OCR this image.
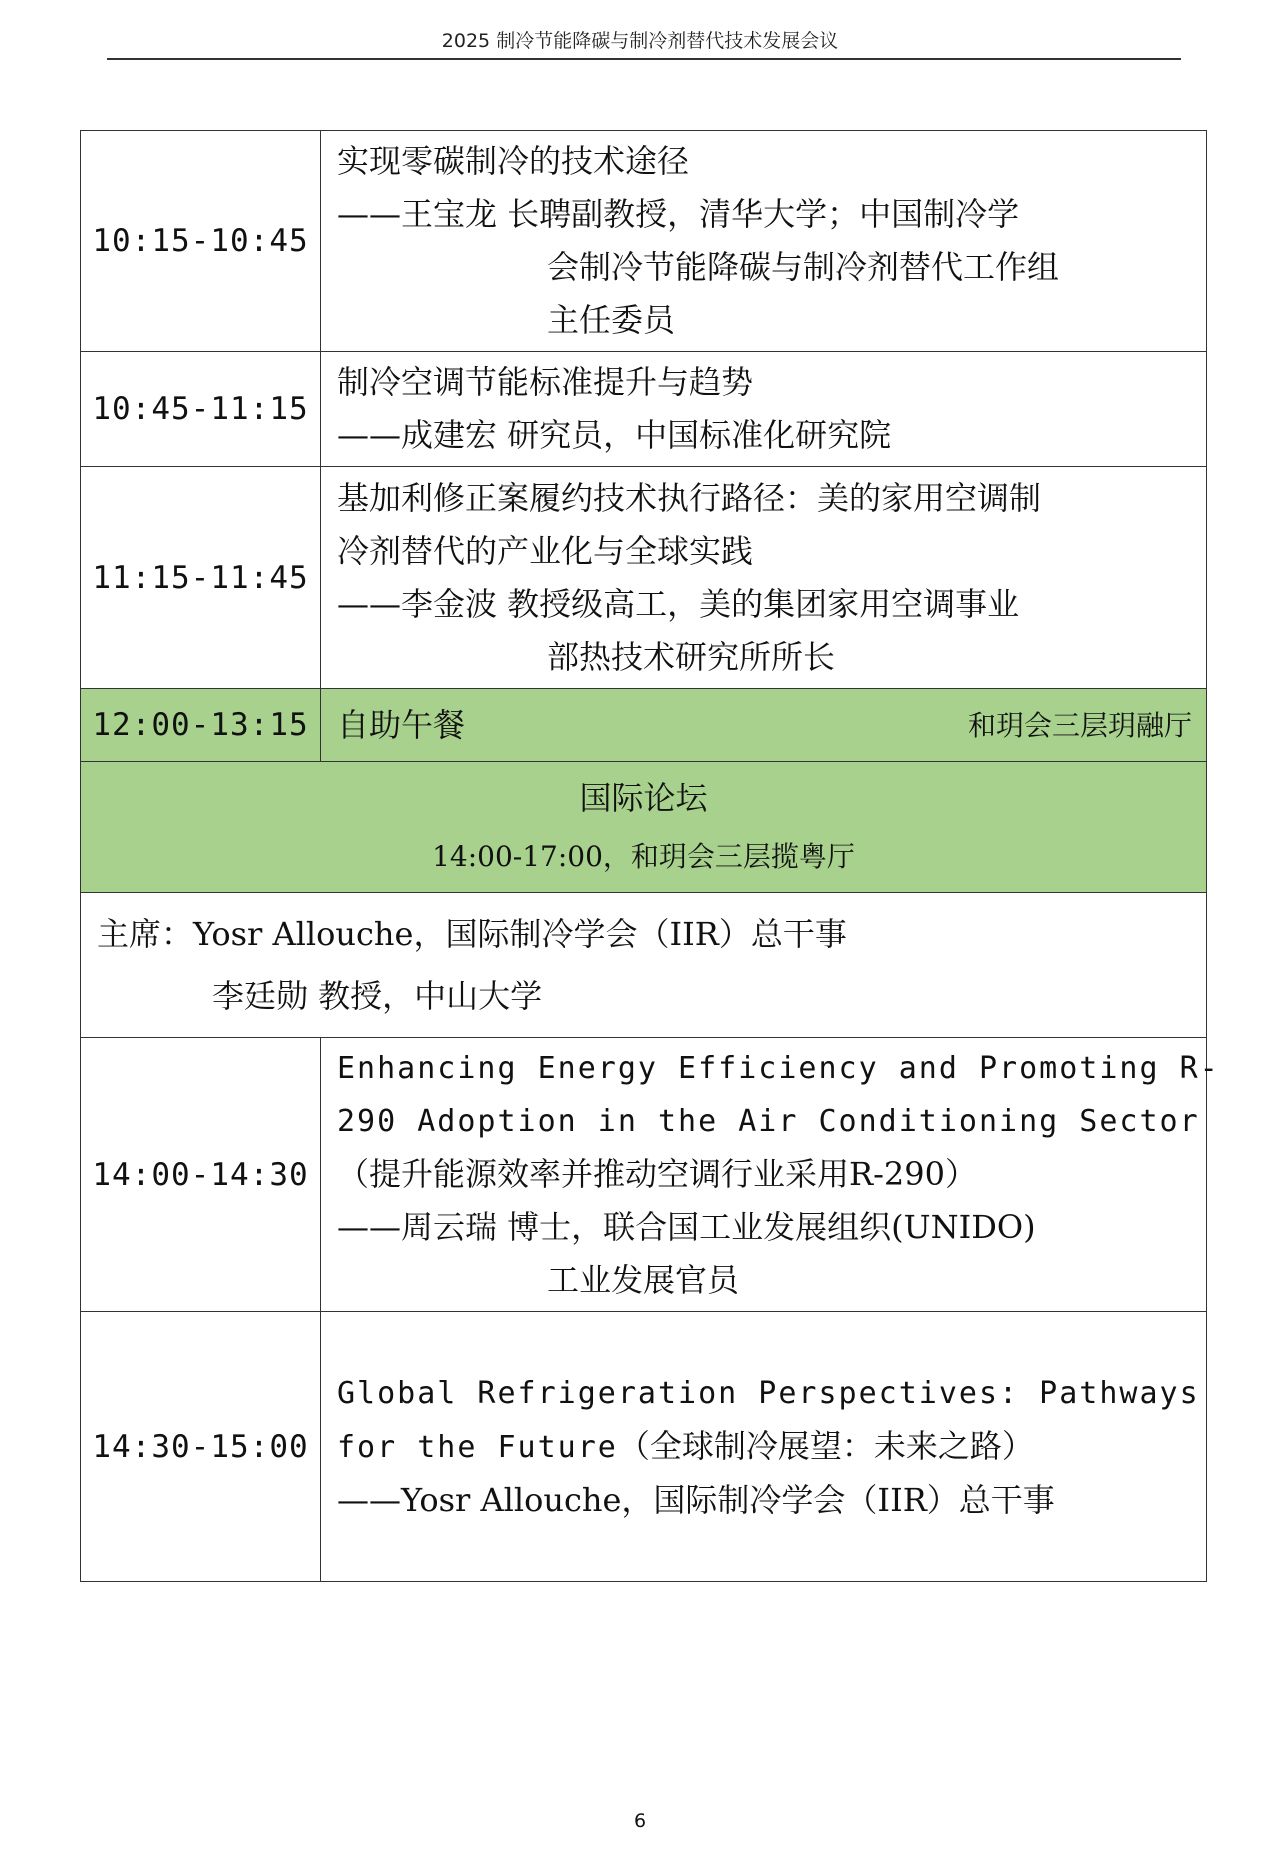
2025 制冷节能降碳与制冷剂替代技术发展会议
10:15-10:45	实现零碳制冷的技术途径
——王宝龙 长聘副教授，清华大学；中国制冷学
会制冷节能降碳与制冷剂替代工作组
主任委员

10:45-11:15	制冷空调节能标准提升与趋势
——成建宏 研究员，中国标准化研究院

11:15-11:45	基加利修正案履约技术执行路径：美的家用空调制
冷剂替代的产业化与全球实践
——李金波 教授级高工，美的集团家用空调事业
部热技术研究所所长

12:00-13:15	自助午餐 和玥会三层玥融厅

国际论坛
14:00-17:00，和玥会三层揽粤厅	

主席：Yosr Allouche，国际制冷学会（IIR）总干事
李廷勋 教授，中山大学	

14:00-14:30	Enhancing Energy Efficiency and Promoting R-
290 Adoption in the Air Conditioning Sector
（提升能源效率并推动空调行业采用R-290）
——周云瑞 博士，联合国工业发展组织(UNIDO)
工业发展官员

14:30-15:00	Global Refrigeration Perspectives: Pathways
for the Future（全球制冷展望：未来之路）
——Yosr Allouche，国际制冷学会（IIR）总干事
6
